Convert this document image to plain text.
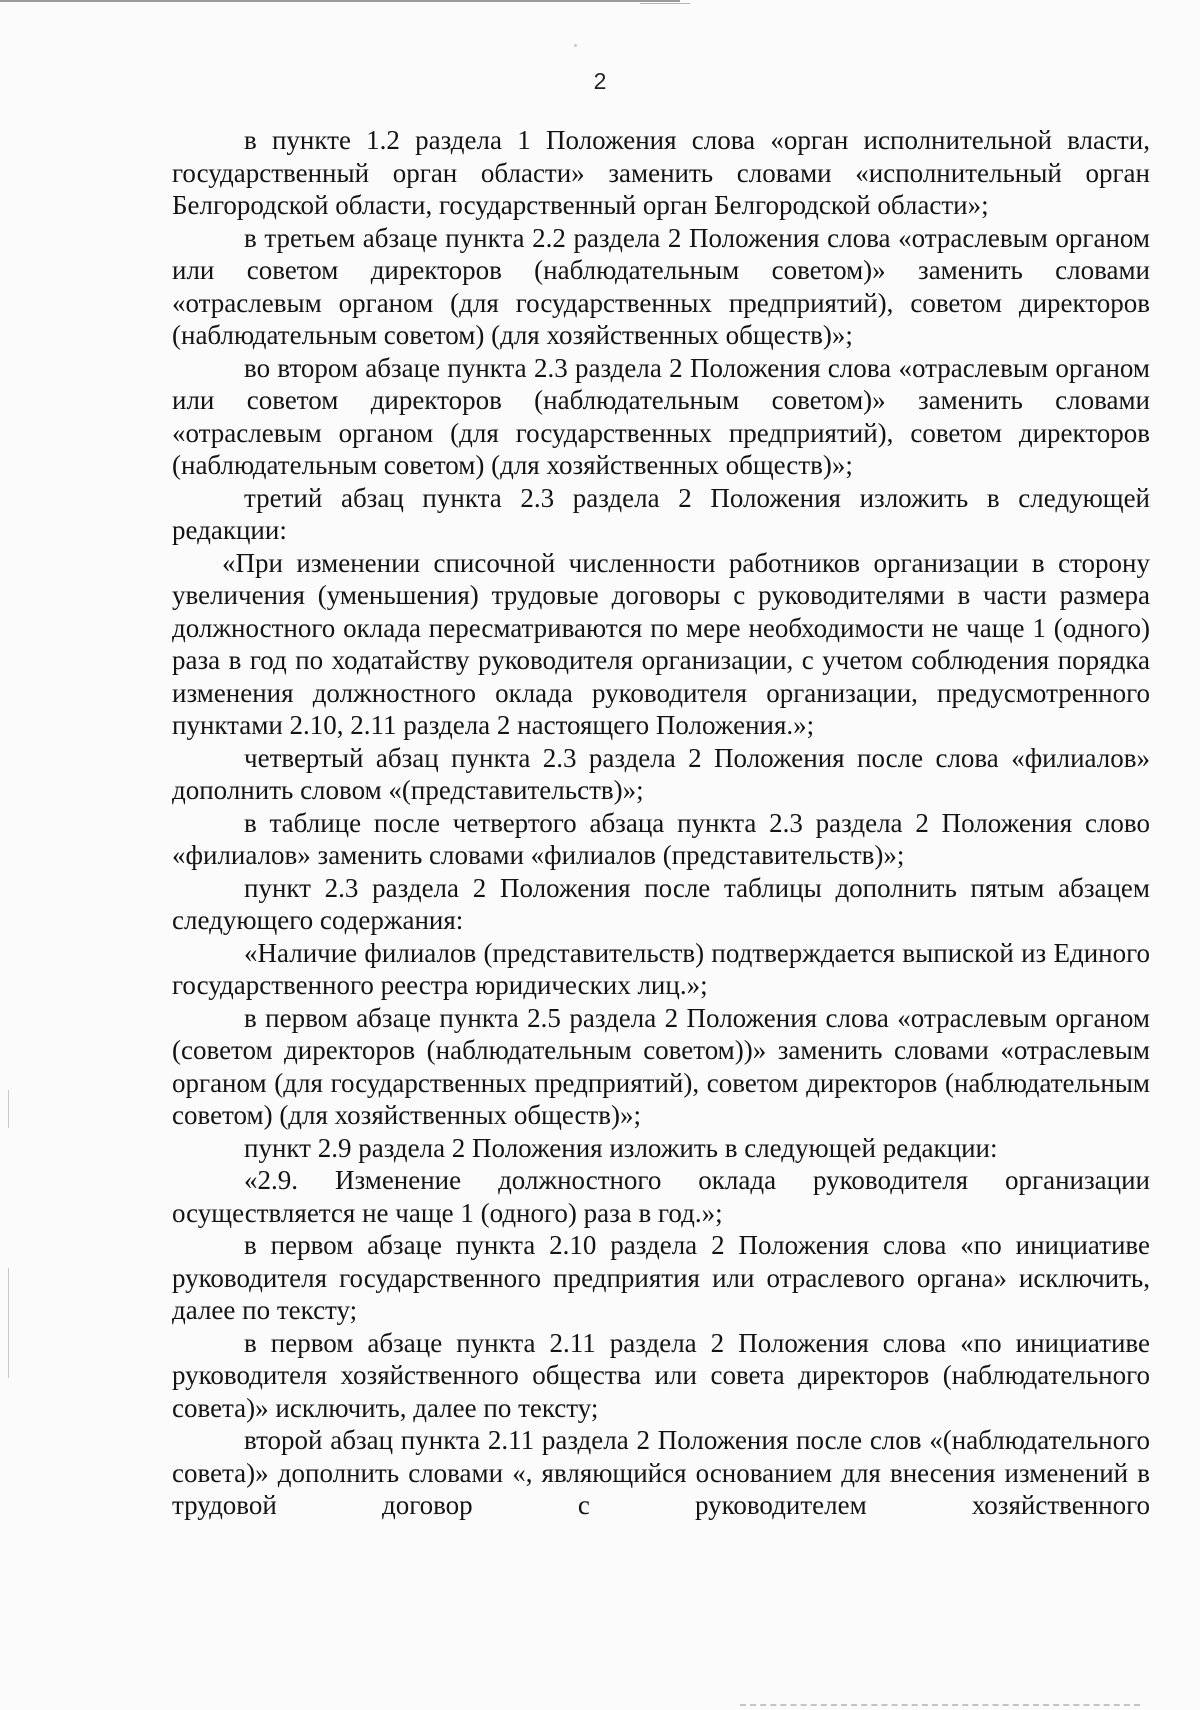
2

в пункте 1.2 раздела 1 Положения слова «орган исполнительной власти, государственный орган области» заменить словами «исполнительный орган Белгородской области, государственный орган Белгородской области»;

в третьем абзаце пункта 2.2 раздела 2 Положения слова «отраслевым органом или советом директоров (наблюдательным советом)» заменить словами «отраслевым органом (для государственных предприятий), советом директоров (наблюдательным советом) (для хозяйственных обществ)»;

во втором абзаце пункта 2.3 раздела 2 Положения слова «отраслевым органом или советом директоров (наблюдательным советом)» заменить словами «отраслевым органом (для государственных предприятий), советом директоров (наблюдательным советом) (для хозяйственных обществ)»;

третий абзац пункта 2.3 раздела 2 Положения изложить в следующей редакции:

«При изменении списочной численности работников организации в сторону увеличения (уменьшения) трудовые договоры с руководителями в части размера должностного оклада пересматриваются по мере необходимости не чаще 1 (одного) раза в год по ходатайству руководителя организации, с учетом соблюдения порядка изменения должностного оклада руководителя организации, предусмотренного пунктами 2.10, 2.11 раздела 2 настоящего Положения.»;

четвертый абзац пункта 2.3 раздела 2 Положения после слова «филиалов» дополнить словом «(представительств)»;

в таблице после четвертого абзаца пункта 2.3 раздела 2 Положения слово «филиалов» заменить словами «филиалов (представительств)»;

пункт 2.3 раздела 2 Положения после таблицы дополнить пятым абзацем следующего содержания:

«Наличие филиалов (представительств) подтверждается выпиской из Единого государственного реестра юридических лиц.»;

в первом абзаце пункта 2.5 раздела 2 Положения слова «отраслевым органом (советом директоров (наблюдательным советом))» заменить словами «отраслевым органом (для государственных предприятий), советом директоров (наблюдательным советом) (для хозяйственных обществ)»;

пункт 2.9 раздела 2 Положения изложить в следующей редакции:

«2.9. Изменение должностного оклада руководителя организации осуществляется не чаще 1 (одного) раза в год.»;

в первом абзаце пункта 2.10 раздела 2 Положения слова «по инициативе руководителя государственного предприятия или отраслевого органа» исключить, далее по тексту;

в первом абзаце пункта 2.11 раздела 2 Положения слова «по инициативе руководителя хозяйственного общества или совета директоров (наблюдательного совета)» исключить, далее по тексту;

второй абзац пункта 2.11 раздела 2 Положения после слов «(наблюдательного совета)» дополнить словами «, являющийся основанием для внесения изменений в трудовой договор с руководителем хозяйственного
